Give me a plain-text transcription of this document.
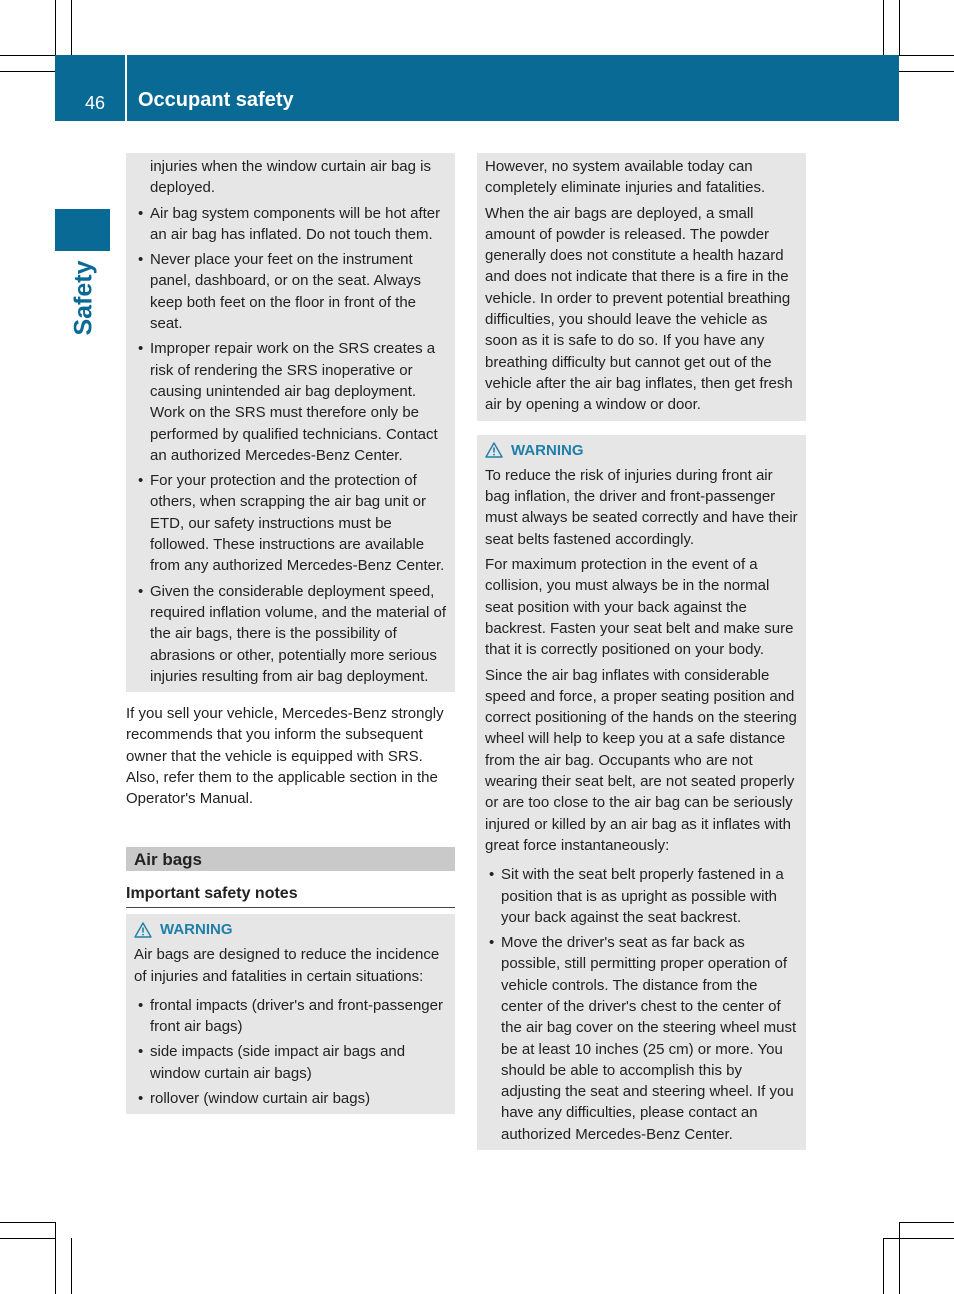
46 Occupant safety
Safety

injuries when the window curtain air bag is deployed.

• Air bag system components will be hot after an air bag has inflated. Do not touch them.
• Never place your feet on the instrument panel, dashboard, or on the seat. Always keep both feet on the floor in front of the seat.
• Improper repair work on the SRS creates a risk of rendering the SRS inoperative or causing unintended air bag deployment. Work on the SRS must therefore only be performed by qualified technicians. Contact an authorized Mercedes-Benz Center.
• For your protection and the protection of others, when scrapping the air bag unit or ETD, our safety instructions must be followed. These instructions are available from any authorized Mercedes-Benz Center.
• Given the considerable deployment speed, required inflation volume, and the material of the air bags, there is the possibility of abrasions or other, potentially more serious injuries resulting from air bag deployment.

If you sell your vehicle, Mercedes-Benz strongly recommends that you inform the subsequent owner that the vehicle is equipped with SRS. Also, refer them to the applicable section in the Operator's Manual.

Air bags
Important safety notes
WARNING

Air bags are designed to reduce the incidence of injuries and fatalities in certain situations:

• frontal impacts (driver's and front-passenger front air bags)
• side impacts (side impact air bags and window curtain air bags)
• rollover (window curtain air bags)

However, no system available today can completely eliminate injuries and fatalities.

When the air bags are deployed, a small amount of powder is released. The powder generally does not constitute a health hazard and does not indicate that there is a fire in the vehicle. In order to prevent potential breathing difficulties, you should leave the vehicle as soon as it is safe to do so. If you have any breathing difficulty but cannot get out of the vehicle after the air bag inflates, then get fresh air by opening a window or door.

WARNING

To reduce the risk of injuries during front air bag inflation, the driver and front-passenger must always be seated correctly and have their seat belts fastened accordingly.

For maximum protection in the event of a collision, you must always be in the normal seat position with your back against the backrest. Fasten your seat belt and make sure that it is correctly positioned on your body.

Since the air bag inflates with considerable speed and force, a proper seating position and correct positioning of the hands on the steering wheel will help to keep you at a safe distance from the air bag. Occupants who are not wearing their seat belt, are not seated properly or are too close to the air bag can be seriously injured or killed by an air bag as it inflates with great force instantaneously:

• Sit with the seat belt properly fastened in a position that is as upright as possible with your back against the seat backrest.
• Move the driver's seat as far back as possible, still permitting proper operation of vehicle controls. The distance from the center of the driver's chest to the center of the air bag cover on the steering wheel must be at least 10 inches (25 cm) or more. You should be able to accomplish this by adjusting the seat and steering wheel. If you have any difficulties, please contact an authorized Mercedes-Benz Center.
